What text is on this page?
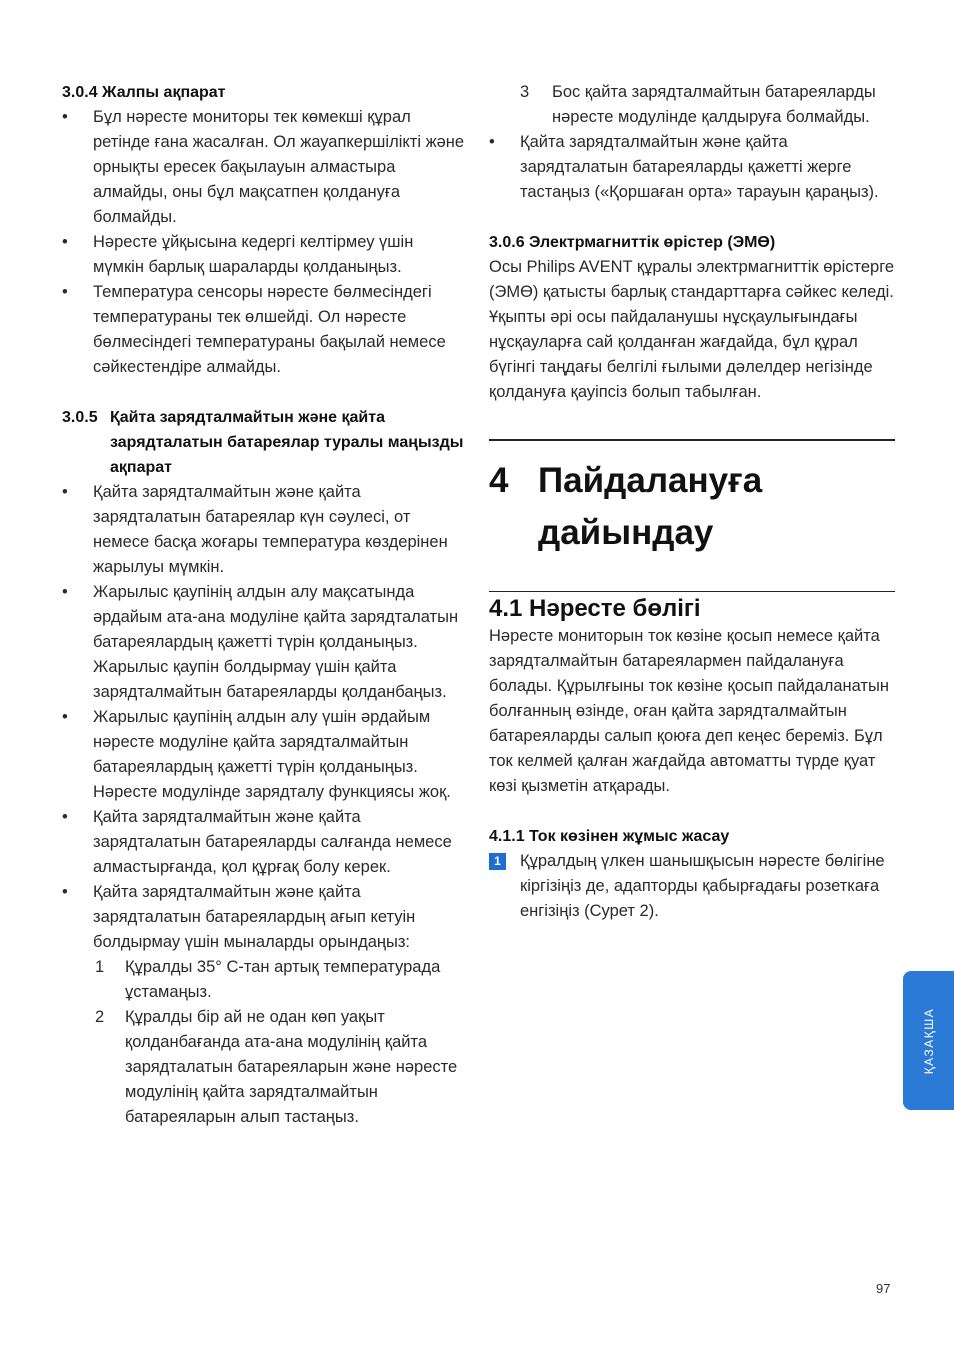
3.0.4 Жалпы ақпарат

• Бұл нәресте мониторы тек көмекші құрал ретінде ғана жасалған. Ол жауапкершілікті және орнықты ересек бақылауын алмастыра алмайды, оны бұл мақсатпен қолдануға болмайды.
• Нәресте ұйқысына кедергі келтірмеу үшін мүмкін барлық шараларды қолданыңыз.
• Температура сенсоры нәресте бөлмесіндегі температураны тек өлшейді. Ол нәресте бөлмесіндегі температураны бақылай немесе сәйкестендіре алмайды.

3.0.5 Қайта зарядталмайтын және қайта зарядталатын батареялар туралы маңызды ақпарат

• Қайта зарядталмайтын және қайта зарядталатын батареялар күн сәулесі, от немесе басқа жоғары температура көздерінен жарылуы мүмкін.
• Жарылыс қаупінің алдын алу мақсатында әрдайым ата-ана модуліне қайта зарядталатын батареялардың қажетті түрін қолданыңыз. Жарылыс қаупін болдырмау үшін қайта зарядталмайтын батареяларды қолданбаңыз.
• Жарылыс қаупінің алдын алу үшін әрдайым нәресте модуліне қайта зарядталмайтын батареялардың қажетті түрін қолданыңыз. Нәресте модулінде зарядталу функциясы жоқ.
• Қайта зарядталмайтын және қайта зарядталатын батареяларды салғанда немесе алмастырғанда, қол құрғақ болу керек.
• Қайта зарядталмайтын және қайта зарядталатын батареялардың ағып кетуін болдырмау үшін мыналарды орындаңыз:
1 Құралды 35° С-тан артық температурада ұстамаңыз.
2 Құралды бір ай не одан көп уақыт қолданбағанда ата-ана модулінің қайта зарядталатын батареяларын және нәресте модулінің қайта зарядталмайтын батареяларын алып тастаңыз.
3 Бос қайта зарядталмайтын батареяларды нәресте модулінде қалдыруға болмайды.
• Қайта зарядталмайтын және қайта зарядталатын батареяларды қажетті жерге тастаңыз («Қоршаған орта» тарауын қараңыз).

3.0.6 Электрмагниттік өрістер (ЭМӨ)

Осы Philips AVENT құралы электрмагниттік өрістерге (ЭМӨ) қатысты барлық стандарттарға сәйкес келеді. Ұқыпты әрі осы пайдаланушы нұсқаулығындағы нұсқауларға сай қолданған жағдайда, бұл құрал бүгінгі таңдағы белгілі ғылыми дәлелдер негізінде қолдануға қауіпсіз болып табылған.

4 Пайдалануға
дайындау

4.1 Нәресте бөлігі

Нәресте мониторын ток көзіне қосып немесе қайта зарядталмайтын батареялармен пайдалануға болады. Құрылғыны ток көзіне қосып пайдаланатын болғанның өзінде, оған қайта зарядталмайтын батареяларды салып қоюға деп кеңес береміз. Бұл ток келмей қалған жағдайда автоматты түрде қуат көзі қызметін атқарады.

4.1.1 Ток көзінен жұмыс жасау

1	Құралдың үлкен шанышқысын нәресте бөлігіне кіргізіңіз де, адапторды қабырғадағы розеткаға енгізіңіз (Сурет 2).
ҚАЗАҚША
97
